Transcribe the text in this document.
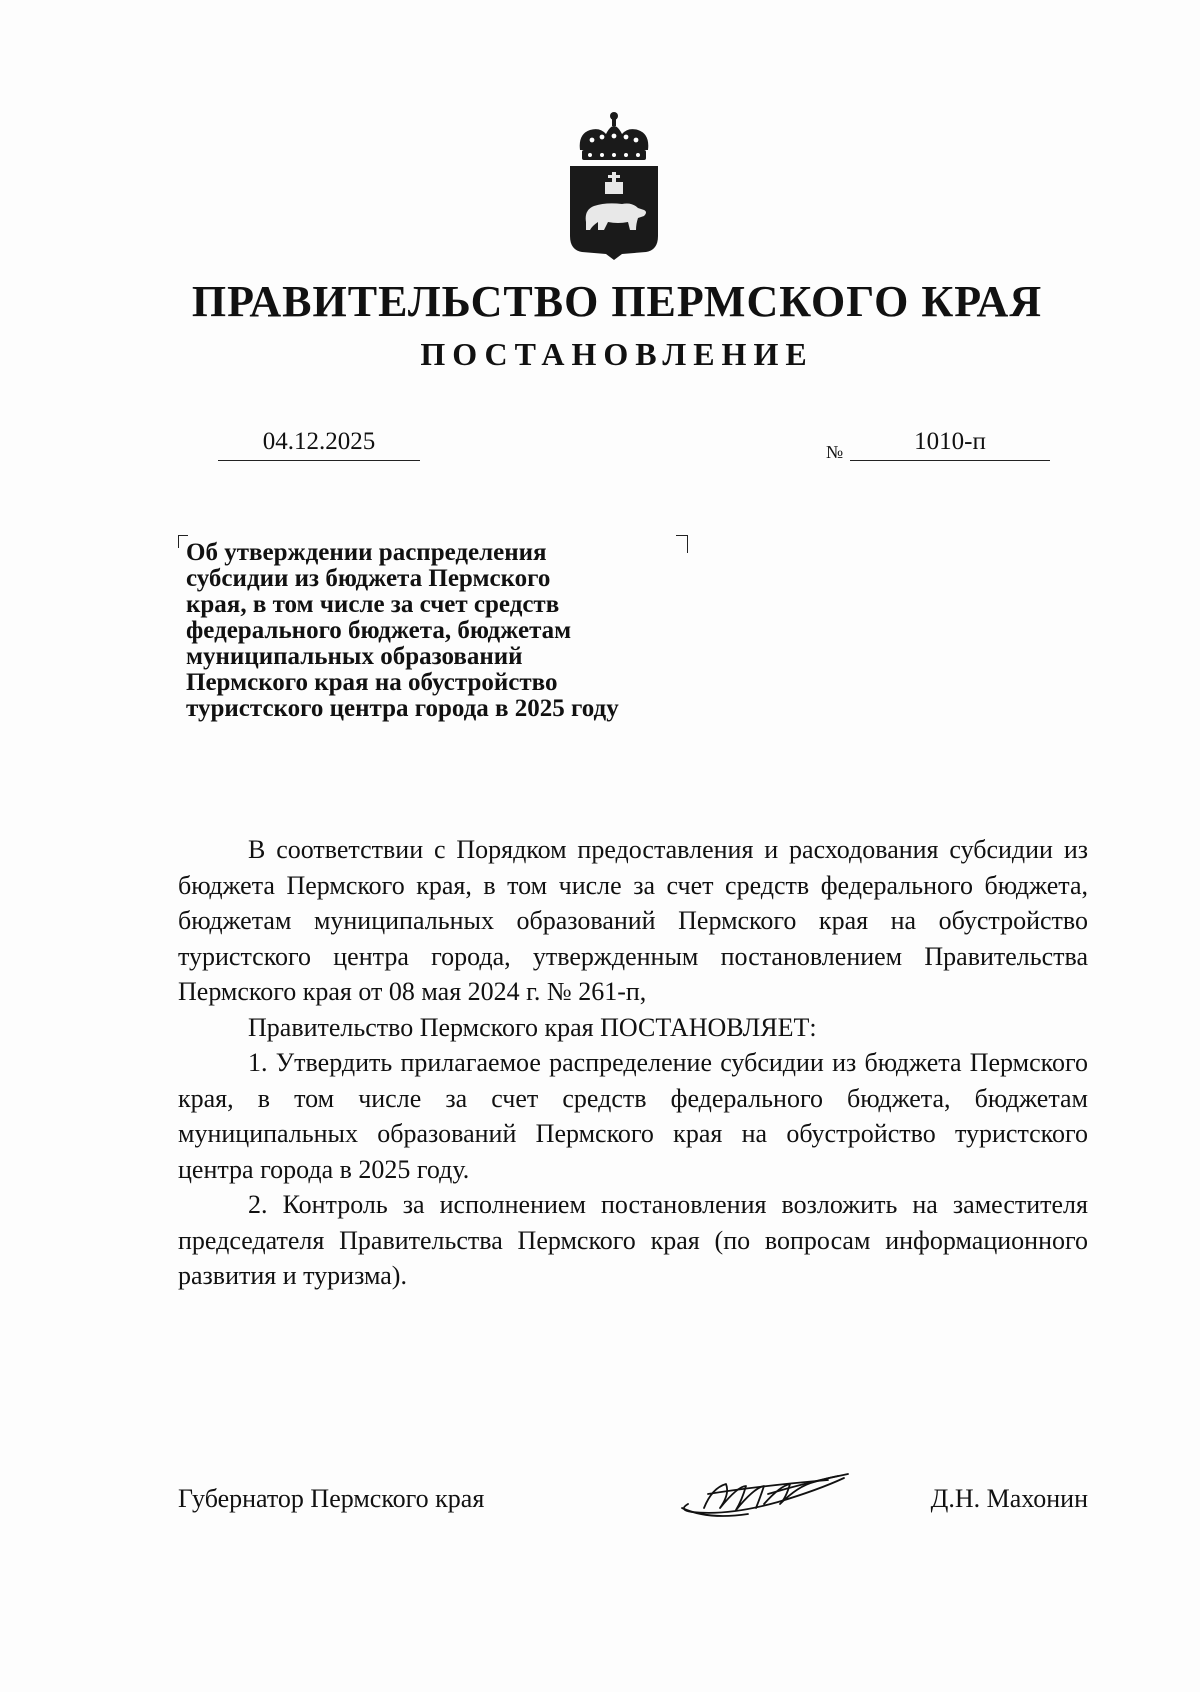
ПРАВИТЕЛЬСТВО ПЕРМСКОГО КРАЯ
ПОСТАНОВЛЕНИЕ
04.12.2025	№	1010-п
Об утверждении распределения
субсидии из бюджета Пермского
края, в том числе за счет средств
федерального бюджета, бюджетам
муниципальных образований
Пермского края на обустройство
туристского центра города в 2025 году

В соответствии с Порядком предоставления и расходования субсидии из бюджета Пермского края, в том числе за счет средств федерального бюджета, бюджетам муниципальных образований Пермского края на обустройство туристского центра города, утвержденным постановлением Правительства Пермского края от 08 мая 2024 г. № 261-п,

Правительство Пермского края ПОСТАНОВЛЯЕТ:

1. Утвердить прилагаемое распределение субсидии из бюджета Пермского края, в том числе за счет средств федерального бюджета, бюджетам муниципальных образований Пермского края на обустройство туристского центра города в 2025 году.

2. Контроль за исполнением постановления возложить на заместителя председателя Правительства Пермского края (по вопросам информационного развития и туризма).

Губернатор Пермского края	Д.Н. Махонин
